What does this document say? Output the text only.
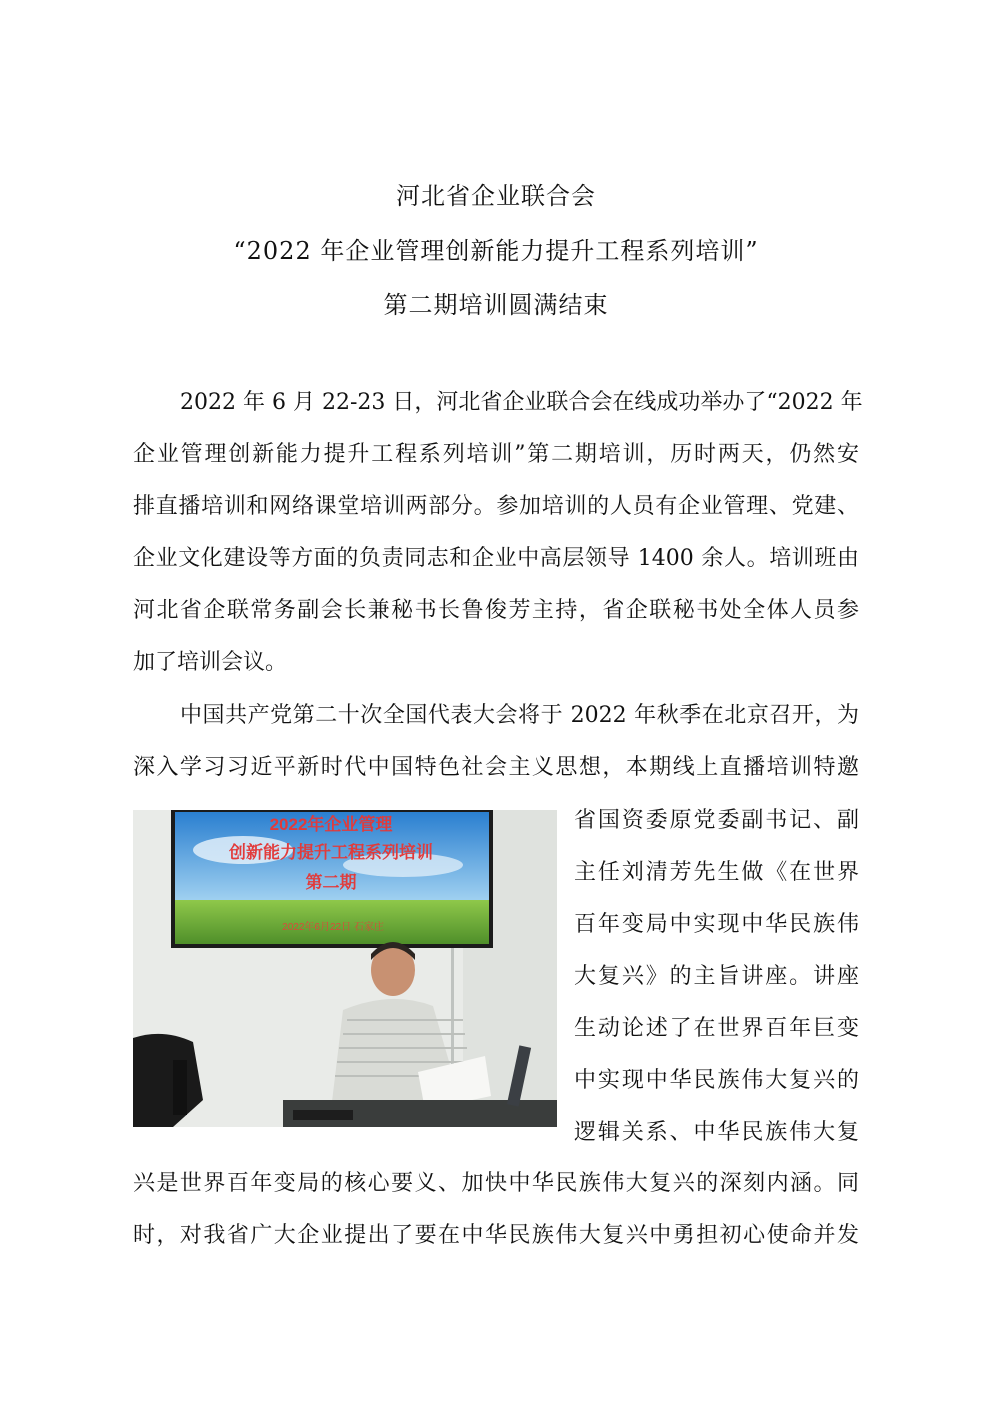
河北省企业联合会
“2022 年企业管理创新能力提升工程系列培训”
第二期培训圆满结束
2022 年 6 月 22-23 日，河北省企业联合会在线成功举办了“2022 年
企业管理创新能力提升工程系列培训”第二期培训，历时两天，仍然安
排直播培训和网络课堂培训两部分。参加培训的人员有企业管理、党建、
企业文化建设等方面的负责同志和企业中高层领导 1400 余人。培训班由
河北省企联常务副会长兼秘书长鲁俊芳主持，省企联秘书处全体人员参
加了培训会议。
中国共产党第二十次全国代表大会将于 2022 年秋季在北京召开，为
深入学习习近平新时代中国特色社会主义思想，本期线上直播培训特邀
2022年企业管理
创新能力提升工程系列培训
第二期
2022年6月22日 石家庄
省国资委原党委副书记、副
主任刘清芳先生做《在世界
百年变局中实现中华民族伟
大复兴》的主旨讲座。讲座
生动论述了在世界百年巨变
中实现中华民族伟大复兴的
逻辑关系、中华民族伟大复
兴是世界百年变局的核心要义、加快中华民族伟大复兴的深刻内涵。同
时，对我省广大企业提出了要在中华民族伟大复兴中勇担初心使命并发
